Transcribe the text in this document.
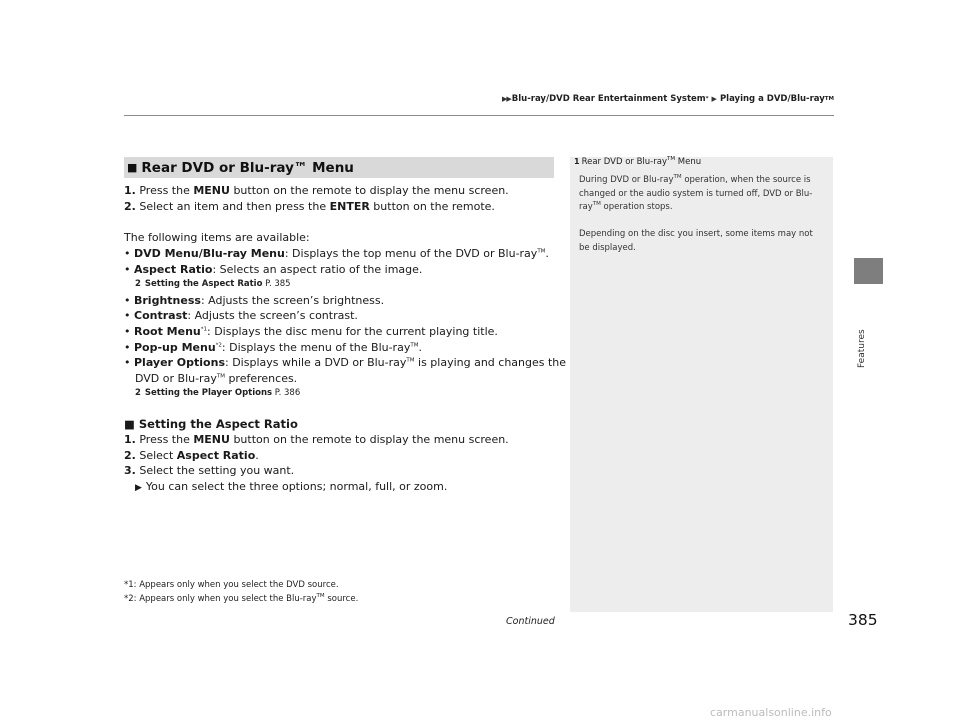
▶▶ Blu-ray/DVD Rear Entertainment System * ▶ Playing a DVD/Blu-ray TM
Features
■ Rear DVD or Blu-ray™ Menu
1. Press the MENU button on the remote to display the menu screen.
2. Select an item and then press the ENTER button on the remote.
The following items are available:
• DVD Menu/Blu-ray Menu: Displays the top menu of the DVD or Blu-ray™.
• Aspect Ratio: Selects an aspect ratio of the image.
2 Setting the Aspect Ratio P. 385
• Brightness: Adjusts the screen’s brightness.
• Contrast: Adjusts the screen’s contrast.
• Root Menu$^{*1}$: Displays the disc menu for the current playing title.
• Pop-up Menu$^{*2}$: Displays the menu of the Blu-ray™.
• Player Options: Displays while a DVD or Blu-ray™ is playing and changes the
DVD or Blu-ray™ preferences.
2 Setting the Player Options P. 386
■ Setting the Aspect Ratio
1. Press the MENU button on the remote to display the menu screen.
2. Select Aspect Ratio.
3. Select the setting you want.
▶ You can select the three options; normal, full, or zoom.
*1: Appears only when you select the DVD source.
*2: Appears only when you select the Blu-ray™ source.
1 Rear DVD or Blu-ray™ Menu
During DVD or Blu-ray™ operation, when the source is changed or the audio system is turned off, DVD or Blu-ray™ operation stops.
Depending on the disc you insert, some items may not be displayed.
Continued	385
carmanualsonline.info
